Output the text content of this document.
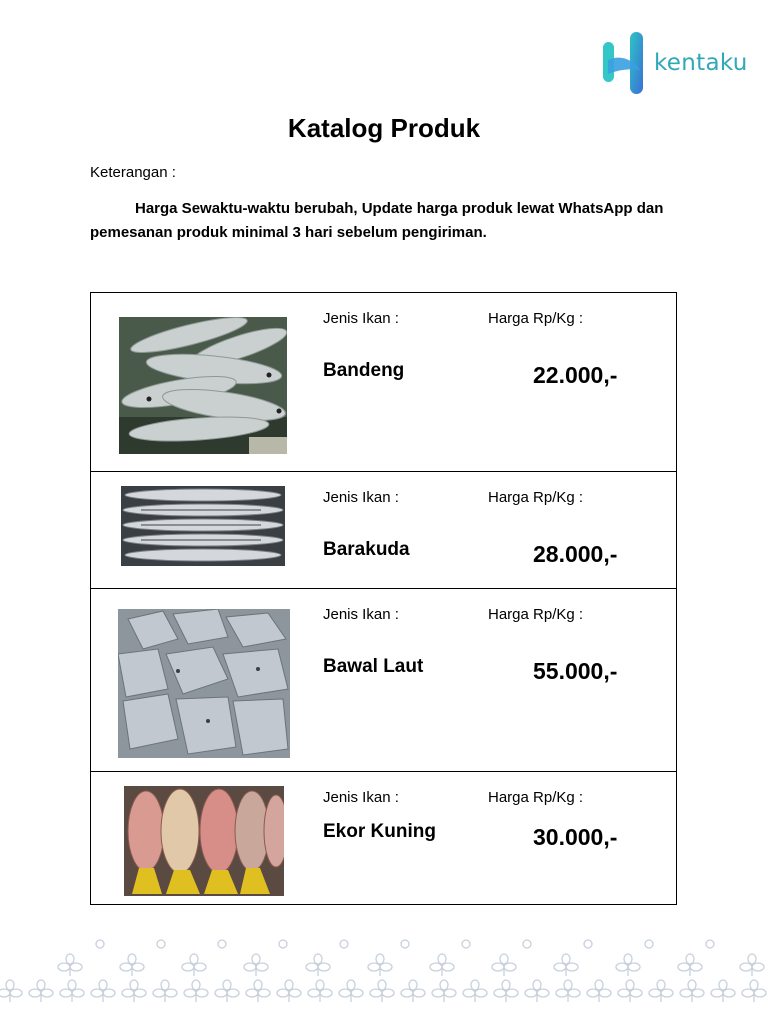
kentaku
Katalog Produk
Keterangan :
Harga Sewaktu-waktu berubah, Update harga produk lewat WhatsApp dan pemesanan produk minimal 3 hari sebelum pengiriman.
Jenis Ikan :	Harga Rp/Kg :
Bandeng	22.000,-
Jenis Ikan :	Harga Rp/Kg :
Barakuda	28.000,-
Jenis Ikan :	Harga Rp/Kg :
Bawal Laut	55.000,-
Jenis Ikan :	Harga Rp/Kg :
Ekor Kuning	30.000,-
